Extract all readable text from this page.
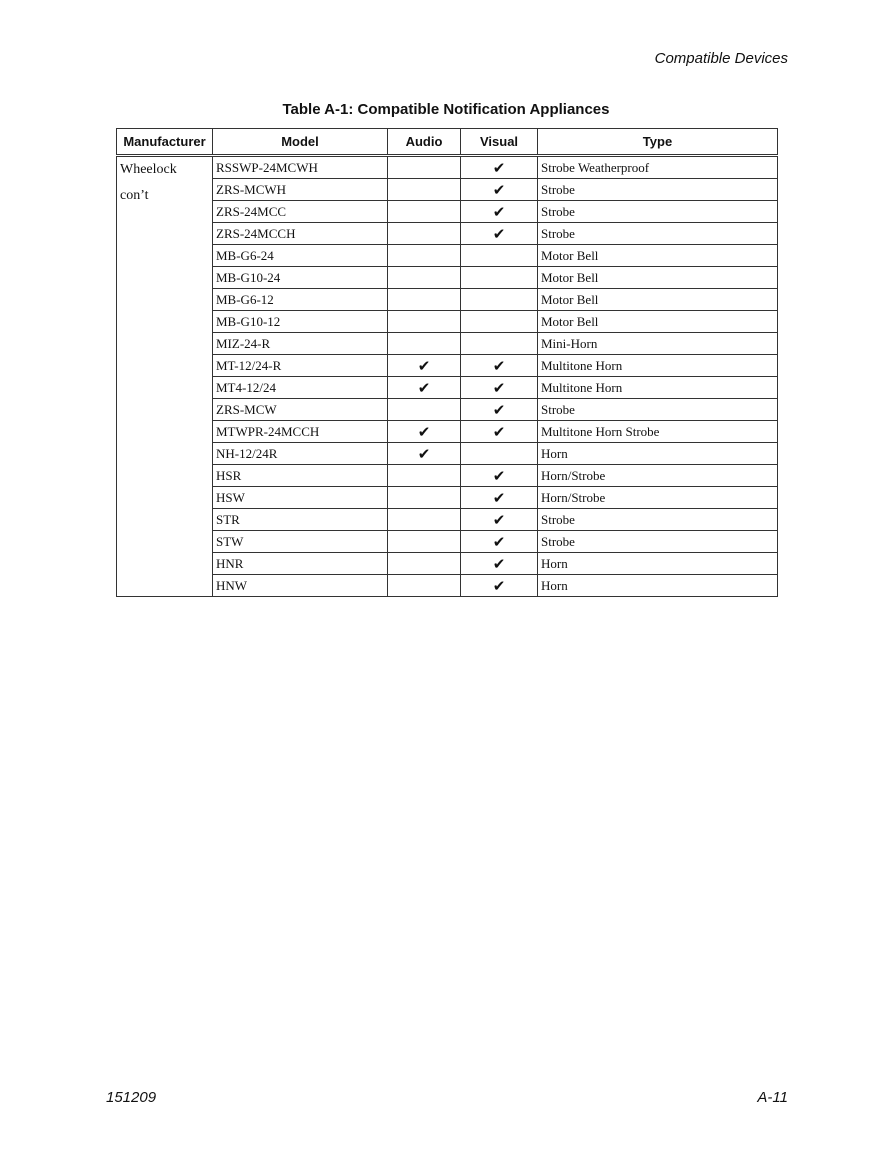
Compatible Devices
Table A-1: Compatible Notification Appliances
Manufacturer	Model	Audio	Visual	Type

Wheelock
con’t	RSSWP-24MCWH		✔	Strobe Weatherproof
	ZRS-MCWH		✔	Strobe
	ZRS-24MCC		✔	Strobe
	ZRS-24MCCH		✔	Strobe
	MB-G6-24			Motor Bell
	MB-G10-24			Motor Bell
	MB-G6-12			Motor Bell
	MB-G10-12			Motor Bell
	MIZ-24-R			Mini-Horn
	MT-12/24-R	✔	✔	Multitone Horn
	MT4-12/24	✔	✔	Multitone Horn
	ZRS-MCW		✔	Strobe
	MTWPR-24MCCH	✔	✔	Multitone Horn Strobe
	NH-12/24R	✔		Horn
	HSR		✔	Horn/Strobe
	HSW		✔	Horn/Strobe
	STR		✔	Strobe
	STW		✔	Strobe
	HNR		✔	Horn
	HNW		✔	Horn
151209	A-11
